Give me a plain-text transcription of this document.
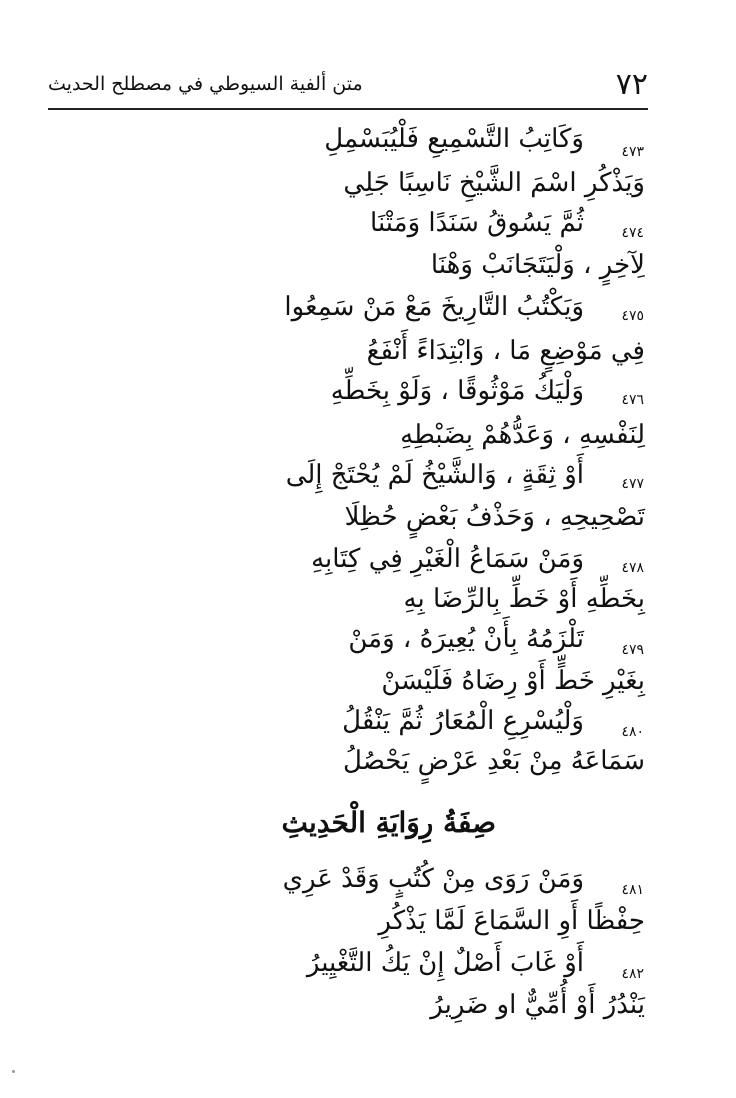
٧٢
متن ألفية السيوطي في مصطلح الحديث
٤٧٣
وَكَاتِبُ التَّسْمِيعِ فَلْيُبَسْمِلِ
وَيَذْكُرِ اسْمَ الشَّيْخِ نَاسِبًا جَلِي
٤٧٤
ثُمَّ يَسُوقُ سَنَدًا وَمَتْنَا
لِآخِرٍ ، وَلْيَتَجَانَبْ وَهْنَا
٤٧٥
وَيَكْتُبُ التَّارِيخَ مَعْ مَنْ سَمِعُوا
فِي مَوْضِعٍ مَا ، وَابْتِدَاءً أَنْفَعُ
٤٧٦
وَلْيَكُ مَوْثُوقًا ، وَلَوْ بِخَطِّهِ
لِنَفْسِهِ ، وَعَدُّهُمْ بِضَبْطِهِ
٤٧٧
أَوْ ثِقَةٍ ، وَالشَّيْخُ لَمْ يُحْتَجْ إِلَى
تَصْحِيحِهِ ، وَحَذْفُ بَعْضٍ حُظِلَا
٤٧٨
وَمَنْ سَمَاعُ الْغَيْرِ فِي كِتَابِهِ
بِخَطِّهِ أَوْ خَطِّ بِالرِّضَا بِهِ
٤٧٩
تَلْزَمُهُ بِأَنْ يُعِيرَهُ ، وَمَنْ
بِغَيْرِ خَطٍّ أَوْ رِضَاهُ فَلَيْسَنْ
٤٨٠
وَلْيُسْرِعِ الْمُعَارُ ثُمَّ يَنْقُلُ
سَمَاعَهُ مِنْ بَعْدِ عَرْضٍ يَحْصُلُ
صِفَةُ رِوَايَةِ الْحَدِيثِ
٤٨١
وَمَنْ رَوَى مِنْ كُتُبٍ وَقَدْ عَرِي
حِفْظًا أَوِ السَّمَاعَ لَمَّا يَذْكُرِ
٤٨٢
أَوْ غَابَ أَصْلٌ إِنْ يَكُ التَّغْيِيرُ
يَنْدُرُ أَوْ أُمِّيٌّ او ضَرِيرُ
